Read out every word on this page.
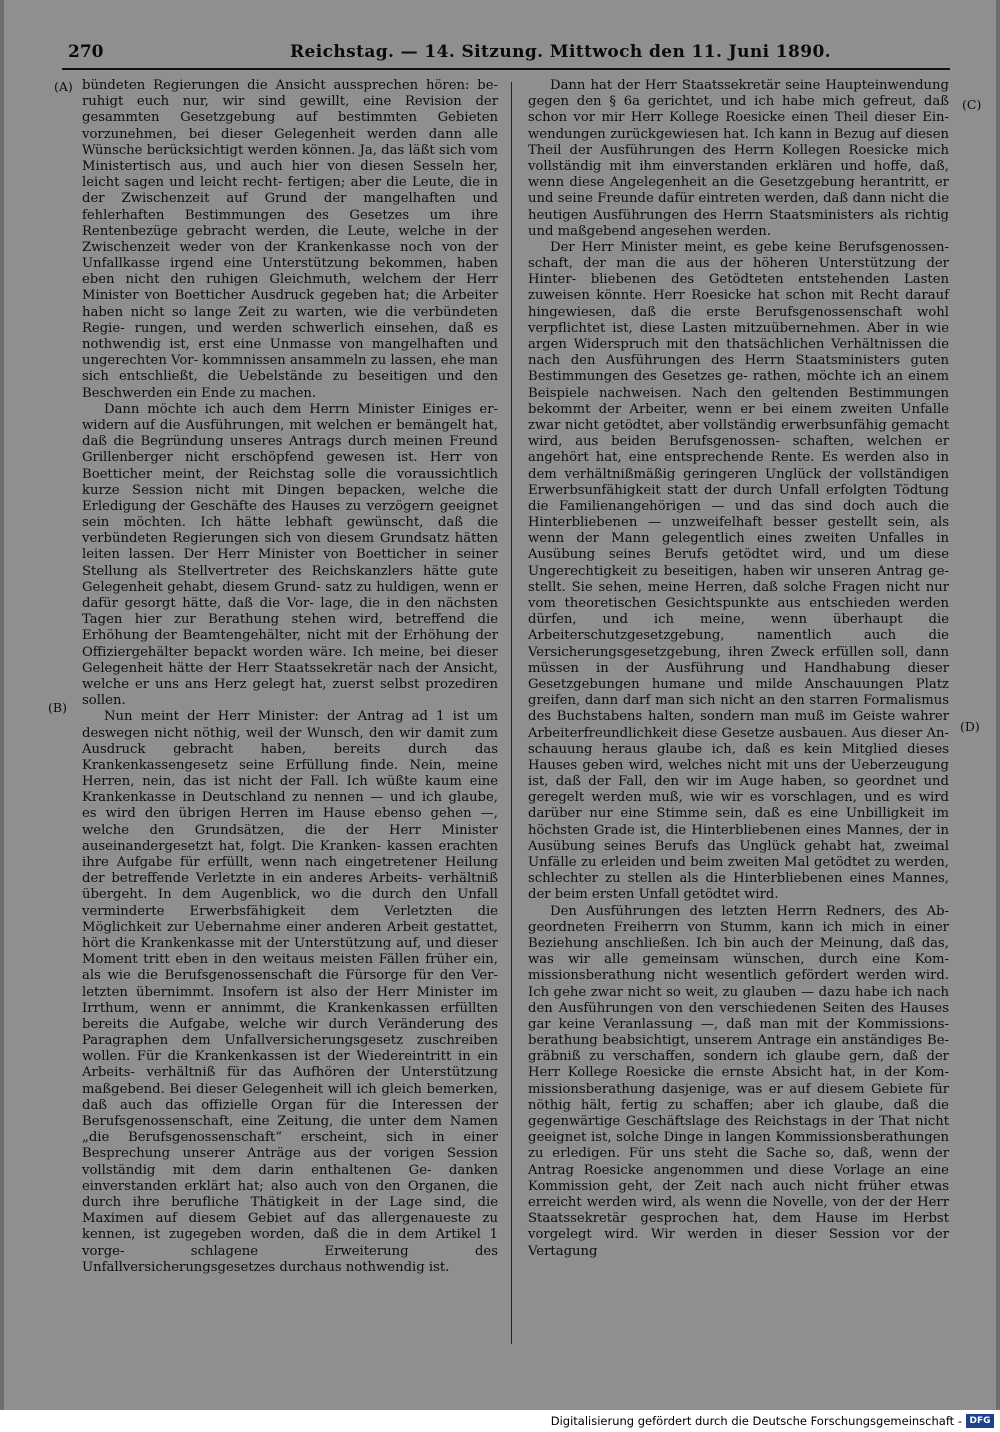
270	Reichstag. — 14. Sitzung. Mittwoch den 11. Juni 1890.
(A)
(B)
(C)
(D)

bündeten Regierungen die Ansicht aussprechen hören: be- ruhigt euch nur, wir sind gewillt, eine Revision der gesammten Gesetzgebung auf bestimmten Gebieten vorzunehmen, bei dieser Gelegenheit werden dann alle Wünsche berücksichtigt werden können. Ja, das läßt sich vom Ministertisch aus, und auch hier von diesen Sesseln her, leicht sagen und leicht recht- fertigen; aber die Leute, die in der Zwischenzeit auf Grund der mangelhaften und fehlerhaften Bestimmungen des Gesetzes um ihre Rentenbezüge gebracht werden, die Leute, welche in der Zwischenzeit weder von der Krankenkasse noch von der Unfallkasse irgend eine Unterstützung bekommen, haben eben nicht den ruhigen Gleichmuth, welchem der Herr Minister von Boetticher Ausdruck gegeben hat; die Arbeiter haben nicht so lange Zeit zu warten, wie die verbündeten Regie- rungen, und werden schwerlich einsehen, daß es nothwendig ist, erst eine Unmasse von mangelhaften und ungerechten Vor- kommnissen ansammeln zu lassen, ehe man sich entschließt, die Uebelstände zu beseitigen und den Beschwerden ein Ende zu machen.

Dann möchte ich auch dem Herrn Minister Einiges er- widern auf die Ausführungen, mit welchen er bemängelt hat, daß die Begründung unseres Antrags durch meinen Freund Grillenberger nicht erschöpfend gewesen ist. Herr von Boetticher meint, der Reichstag solle die voraussichtlich kurze Session nicht mit Dingen bepacken, welche die Erledigung der Geschäfte des Hauses zu verzögern geeignet sein möchten. Ich hätte lebhaft gewünscht, daß die verbündeten Regierungen sich von diesem Grundsatz hätten leiten lassen. Der Herr Minister von Boetticher in seiner Stellung als Stellvertreter des Reichskanzlers hätte gute Gelegenheit gehabt, diesem Grund- satz zu huldigen, wenn er dafür gesorgt hätte, daß die Vor- lage, die in den nächsten Tagen hier zur Berathung stehen wird, betreffend die Erhöhung der Beamtengehälter, nicht mit der Erhöhung der Offiziergehälter bepackt worden wäre. Ich meine, bei dieser Gelegenheit hätte der Herr Staatssekretär nach der Ansicht, welche er uns ans Herz gelegt hat, zuerst selbst prozediren sollen.

Nun meint der Herr Minister: der Antrag ad 1 ist um deswegen nicht nöthig, weil der Wunsch, den wir damit zum Ausdruck gebracht haben, bereits durch das Krankenkassengesetz seine Erfüllung finde. Nein, meine Herren, nein, das ist nicht der Fall. Ich wüßte kaum eine Krankenkasse in Deutschland zu nennen — und ich glaube, es wird den übrigen Herren im Hause ebenso gehen —, welche den Grundsätzen, die der Herr Minister auseinandergesetzt hat, folgt. Die Kranken- kassen erachten ihre Aufgabe für erfüllt, wenn nach eingetretener Heilung der betreffende Verletzte in ein anderes Arbeits- verhältniß übergeht. In dem Augenblick, wo die durch den Unfall verminderte Erwerbsfähigkeit dem Verletzten die Möglichkeit zur Uebernahme einer anderen Arbeit gestattet, hört die Krankenkasse mit der Unterstützung auf, und dieser Moment tritt eben in den weitaus meisten Fällen früher ein, als wie die Berufsgenossenschaft die Fürsorge für den Ver- letzten übernimmt. Insofern ist also der Herr Minister im Irrthum, wenn er annimmt, die Krankenkassen erfüllten bereits die Aufgabe, welche wir durch Veränderung des Paragraphen dem Unfallversicherungsgesetz zuschreiben wollen. Für die Krankenkassen ist der Wiedereintritt in ein Arbeits- verhältniß für das Aufhören der Unterstützung maßgebend. Bei dieser Gelegenheit will ich gleich bemerken, daß auch das offizielle Organ für die Interessen der Berufsgenossenschaft, eine Zeitung, die unter dem Namen „die Berufsgenossenschaft“ erscheint, sich in einer Besprechung unserer Anträge aus der vorigen Session vollständig mit dem darin enthaltenen Ge- danken einverstanden erklärt hat; also auch von den Organen, die durch ihre berufliche Thätigkeit in der Lage sind, die Maximen auf diesem Gebiet auf das allergenaueste zu kennen, ist zugegeben worden, daß die in dem Artikel 1 vorge- schlagene Erweiterung des Unfallversicherungsgesetzes durchaus nothwendig ist.

Dann hat der Herr Staatssekretär seine Haupteinwendung gegen den § 6a gerichtet, und ich habe mich gefreut, daß schon vor mir Herr Kollege Roesicke einen Theil dieser Ein- wendungen zurückgewiesen hat. Ich kann in Bezug auf diesen Theil der Ausführungen des Herrn Kollegen Roesicke mich vollständig mit ihm einverstanden erklären und hoffe, daß, wenn diese Angelegenheit an die Gesetzgebung herantritt, er und seine Freunde dafür eintreten werden, daß dann nicht die heutigen Ausführungen des Herrn Staatsministers als richtig und maßgebend angesehen werden.

Der Herr Minister meint, es gebe keine Berufsgenossen- schaft, der man die aus der höheren Unterstützung der Hinter- bliebenen des Getödteten entstehenden Lasten zuweisen könnte. Herr Roesicke hat schon mit Recht darauf hingewiesen, daß die erste Berufsgenossenschaft wohl verpflichtet ist, diese Lasten mitzuübernehmen. Aber in wie argen Widerspruch mit den thatsächlichen Verhältnissen die nach den Ausführungen des Herrn Staatsministers guten Bestimmungen des Gesetzes ge- rathen, möchte ich an einem Beispiele nachweisen. Nach den geltenden Bestimmungen bekommt der Arbeiter, wenn er bei einem zweiten Unfalle zwar nicht getödtet, aber vollständig erwerbsunfähig gemacht wird, aus beiden Berufsgenossen- schaften, welchen er angehört hat, eine entsprechende Rente. Es werden also in dem verhältnißmäßig geringeren Unglück der vollständigen Erwerbsunfähigkeit statt der durch Unfall erfolgten Tödtung die Familienangehörigen — und das sind doch auch die Hinterbliebenen — unzweifelhaft besser gestellt sein, als wenn der Mann gelegentlich eines zweiten Unfalles in Ausübung seines Berufs getödtet wird, und um diese Ungerechtigkeit zu beseitigen, haben wir unseren Antrag ge- stellt. Sie sehen, meine Herren, daß solche Fragen nicht nur vom theoretischen Gesichtspunkte aus entschieden werden dürfen, und ich meine, wenn überhaupt die Arbeiterschutzgesetzgebung, namentlich auch die Versicherungsgesetzgebung, ihren Zweck erfüllen soll, dann müssen in der Ausführung und Handhabung dieser Gesetzgebungen humane und milde Anschauungen Platz greifen, dann darf man sich nicht an den starren Formalismus des Buchstabens halten, sondern man muß im Geiste wahrer Arbeiterfreundlichkeit diese Gesetze ausbauen. Aus dieser An- schauung heraus glaube ich, daß es kein Mitglied dieses Hauses geben wird, welches nicht mit uns der Ueberzeugung ist, daß der Fall, den wir im Auge haben, so geordnet und geregelt werden muß, wie wir es vorschlagen, und es wird darüber nur eine Stimme sein, daß es eine Unbilligkeit im höchsten Grade ist, die Hinterbliebenen eines Mannes, der in Ausübung seines Berufs das Unglück gehabt hat, zweimal Unfälle zu erleiden und beim zweiten Mal getödtet zu werden, schlechter zu stellen als die Hinterbliebenen eines Mannes, der beim ersten Unfall getödtet wird.

Den Ausführungen des letzten Herrn Redners, des Ab- geordneten Freiherrn von Stumm, kann ich mich in einer Beziehung anschließen. Ich bin auch der Meinung, daß das, was wir alle gemeinsam wünschen, durch eine Kom- missionsberathung nicht wesentlich gefördert werden wird. Ich gehe zwar nicht so weit, zu glauben — dazu habe ich nach den Ausführungen von den verschiedenen Seiten des Hauses gar keine Veranlassung —, daß man mit der Kommissions- berathung beabsichtigt, unserem Antrage ein anständiges Be- gräbniß zu verschaffen, sondern ich glaube gern, daß der Herr Kollege Roesicke die ernste Absicht hat, in der Kom- missionsberathung dasjenige, was er auf diesem Gebiete für nöthig hält, fertig zu schaffen; aber ich glaube, daß die gegenwärtige Geschäftslage des Reichstags in der That nicht geeignet ist, solche Dinge in langen Kommissionsberathungen zu erledigen. Für uns steht die Sache so, daß, wenn der Antrag Roesicke angenommen und diese Vorlage an eine Kommission geht, der Zeit nach auch nicht früher etwas erreicht werden wird, als wenn die Novelle, von der der Herr Staatssekretär gesprochen hat, dem Hause im Herbst vorgelegt wird. Wir werden in dieser Session vor der Vertagung

Digitalisierung gefördert durch die Deutsche Forschungsgemeinschaft - DFG
